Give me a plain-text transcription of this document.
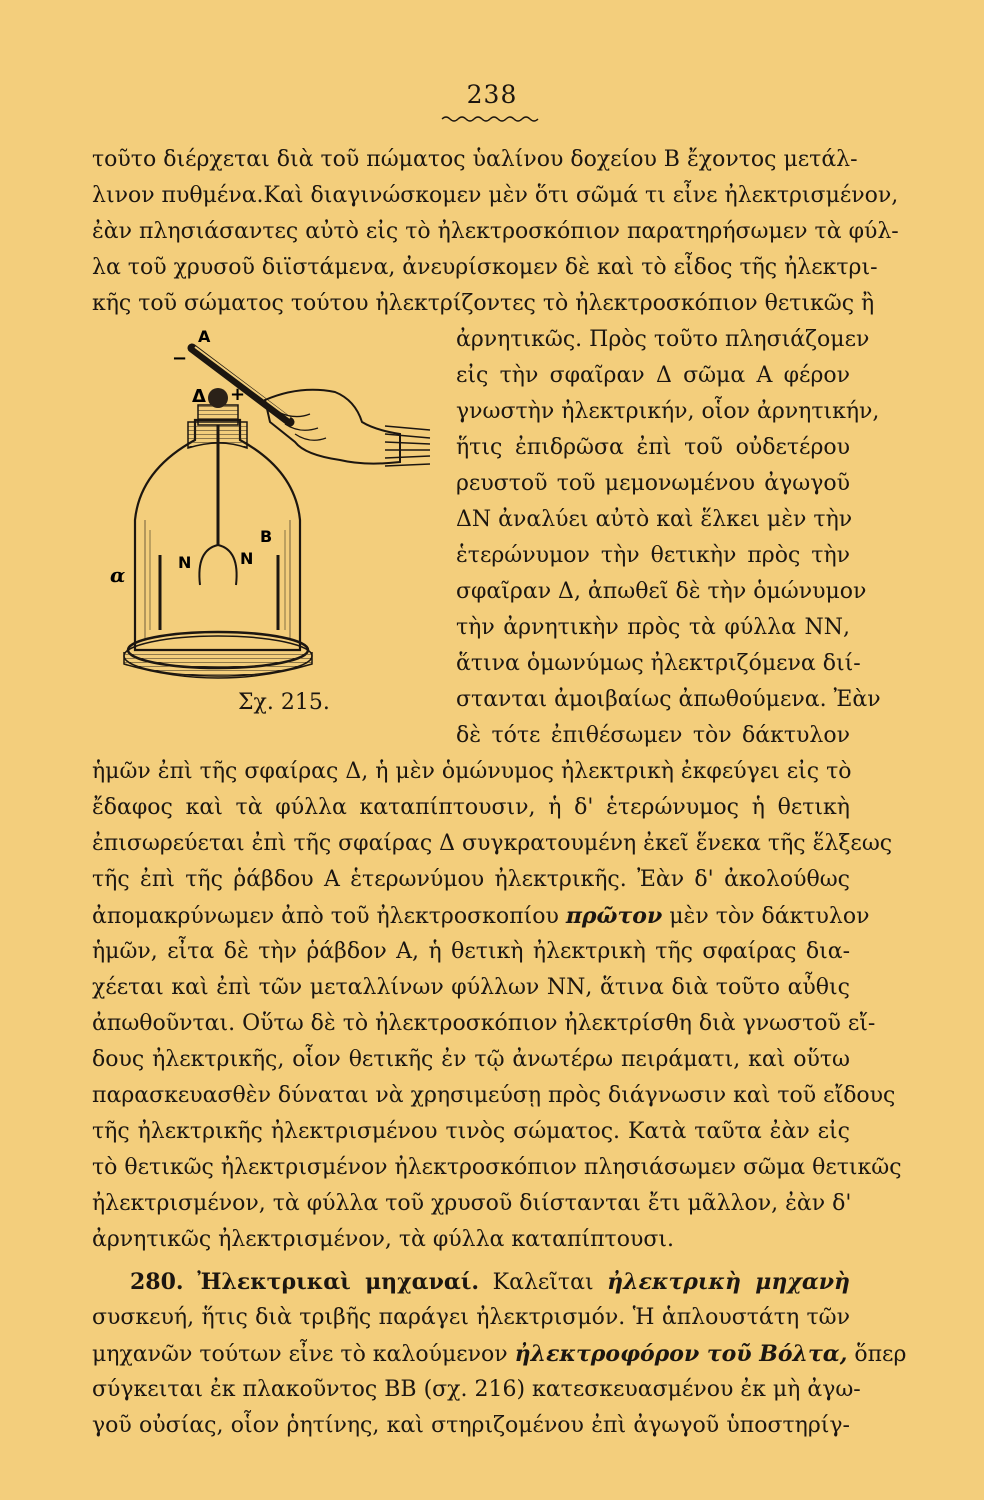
238
τοῦτο διέρχεται διὰ τοῦ πώματος ὑαλίνου δοχείου Β ἔχοντος μετάλ-
λινον πυθμένα.Καὶ διαγινώσκομεν μὲν ὅτι σῶμά τι εἶνε ἠλεκτρισμένον,
ἐὰν πλησιάσαντες αὐτὸ εἰς τὸ ἠλεκτροσκόπιον παρατηρήσωμεν τὰ φύλ-
λα τοῦ χρυσοῦ διϊστάμενα, ἀνευρίσκομεν δὲ καὶ τὸ εἶδος τῆς ἠλεκτρι-
κῆς τοῦ σώματος τούτου ἠλεκτρίζοντες τὸ ἠλεκτροσκόπιον θετικῶς ἢ
ἀρνητικῶς. Πρὸς τοῦτο πλησιάζομεν
εἰς τὴν σφαῖραν Δ σῶμα Α φέρον
γνωστὴν ἠλεκτρικήν, οἷον ἀρνητικήν,
ἥτις ἐπιδρῶσα ἐπὶ τοῦ οὐδετέρου
ρευστοῦ τοῦ μεμονωμένου ἀγωγοῦ
ΔΝ ἀναλύει αὐτὸ καὶ ἕλκει μὲν τὴν
ἑτερώνυμον τὴν θετικὴν πρὸς τὴν
σφαῖραν Δ, ἀπωθεῖ δὲ τὴν ὁμώνυμον
τὴν ἀρνητικὴν πρὸς τὰ φύλλα ΝΝ,
ἅτινα ὁμωνύμως ἠλεκτριζόμενα διί-
στανται ἀμοιβαίως ἀπωθούμενα. Ἐὰν
δὲ τότε ἐπιθέσωμεν τὸν δάκτυλον
A
−
Δ +
B
N	N
α
Σχ. 215.
ἡμῶν ἐπὶ τῆς σφαίρας Δ, ἡ μὲν ὁμώνυμος ἠλεκτρικὴ ἐκφεύγει εἰς τὸ
ἔδαφος καὶ τὰ φύλλα καταπίπτουσιν, ἡ δ' ἑτερώνυμος ἡ θετικὴ
ἐπισωρεύεται ἐπὶ τῆς σφαίρας Δ συγκρατουμένη ἐκεῖ ἕνεκα τῆς ἕλξεως
τῆς ἐπὶ τῆς ῥάβδου Α ἑτερωνύμου ἠλεκτρικῆς. Ἐὰν δ' ἀκολούθως
ἀπομακρύνωμεν ἀπὸ τοῦ ἠλεκτροσκοπίου πρῶτον μὲν τὸν δάκτυλον
ἡμῶν, εἶτα δὲ τὴν ῥάβδον Α, ἡ θετικὴ ἠλεκτρικὴ τῆς σφαίρας δια-
χέεται καὶ ἐπὶ τῶν μεταλλίνων φύλλων ΝΝ, ἅτινα διὰ τοῦτο αὖθις
ἀπωθοῦνται. Οὕτω δὲ τὸ ἠλεκτροσκόπιον ἠλεκτρίσθη διὰ γνωστοῦ εἴ-
δους ἠλεκτρικῆς, οἷον θετικῆς ἐν τῷ ἀνωτέρω πειράματι, καὶ οὕτω
παρασκευασθὲν δύναται νὰ χρησιμεύσῃ πρὸς διάγνωσιν καὶ τοῦ εἴδους
τῆς ἠλεκτρικῆς ἠλεκτρισμένου τινὸς σώματος. Κατὰ ταῦτα ἐὰν εἰς
τὸ θετικῶς ἠλεκτρισμένον ἠλεκτροσκόπιον πλησιάσωμεν σῶμα θετικῶς
ἠλεκτρισμένον, τὰ φύλλα τοῦ χρυσοῦ διίστανται ἔτι μᾶλλον, ἐὰν δ'
ἀρνητικῶς ἠλεκτρισμένον, τὰ φύλλα καταπίπτουσι.
280. Ἠλεκτρικαὶ μηχαναί. Καλεῖται ἠλεκτρικὴ μηχανὴ
συσκευή, ἥτις διὰ τριβῆς παράγει ἠλεκτρισμόν. Ἡ ἁπλουστάτη τῶν
μηχανῶν τούτων εἶνε τὸ καλούμενον ἠλεκτροφόρον τοῦ Βόλτα, ὅπερ
σύγκειται ἐκ πλακοῦντος ΒΒ (σχ. 216) κατεσκευασμένου ἐκ μὴ ἀγω-
γοῦ οὐσίας, οἷον ῥητίνης, καὶ στηριζομένου ἐπὶ ἀγωγοῦ ὑποστηρίγ-
